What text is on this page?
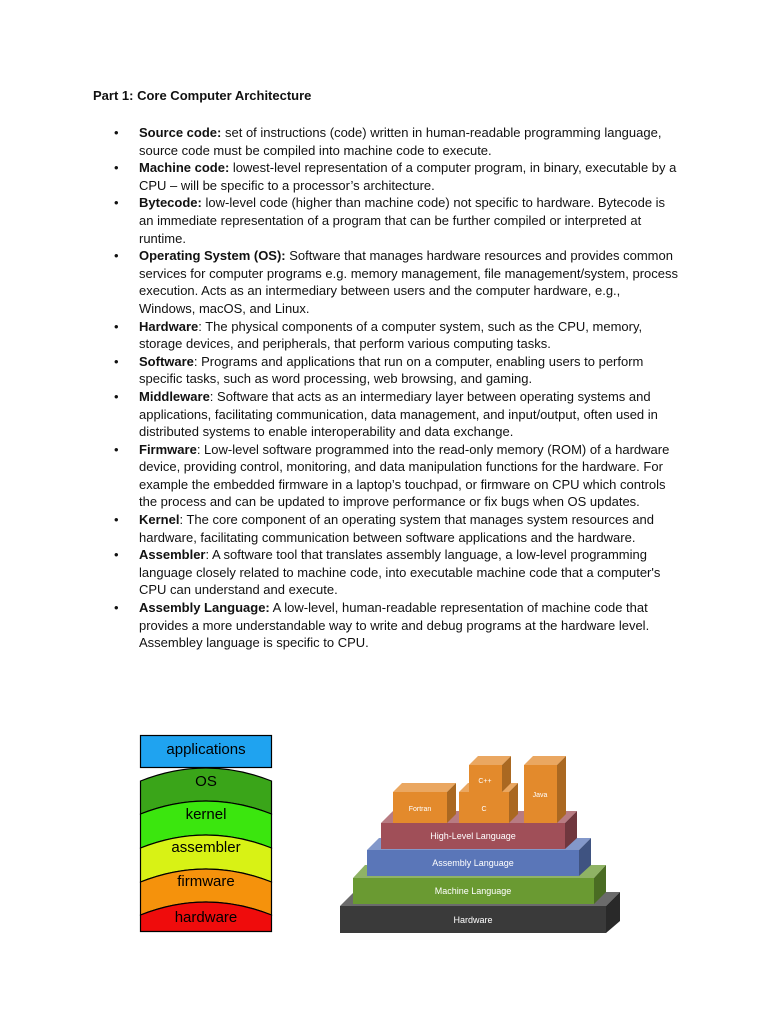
Part 1: Core Computer Architecture
• Source code: set of instructions (code) written in human-readable programming language, source code must be compiled into machine code to execute.
• Machine code: lowest-level representation of a computer program, in binary, executable by a CPU – will be specific to a processor’s architecture.
• Bytecode: low-level code (higher than machine code) not specific to hardware. Bytecode is an immediate representation of a program that can be further compiled or interpreted at runtime.
• Operating System (OS): Software that manages hardware resources and provides common services for computer programs e.g. memory management, file management/system, process execution. Acts as an intermediary between users and the computer hardware, e.g., Windows, macOS, and Linux.
• Hardware: The physical components of a computer system, such as the CPU, memory, storage devices, and peripherals, that perform various computing tasks.
• Software: Programs and applications that run on a computer, enabling users to perform specific tasks, such as word processing, web browsing, and gaming.
• Middleware: Software that acts as an intermediary layer between operating systems and applications, facilitating communication, data management, and input/output, often used in distributed systems to enable interoperability and data exchange.
• Firmware: Low-level software programmed into the read-only memory (ROM) of a hardware device, providing control, monitoring, and data manipulation functions for the hardware. For example the embedded firmware in a laptop’s touchpad, or firmware on CPU which controls the process and can be updated to improve performance or fix bugs when OS updates.
• Kernel: The core component of an operating system that manages system resources and hardware, facilitating communication between software applications and the hardware.
• Assembler: A software tool that translates assembly language, a low-level programming language closely related to machine code, into executable machine code that a computer's CPU can understand and execute.
• Assembly Language: A low-level, human-readable representation of machine code that provides a more understandable way to write and debug programs at the hardware level. Assembley language is specific to CPU.
applications
OS
kernel
assembler
firmware
hardware	Hardware
Machine Language
Assembly Language
High-Level Language
Fortran	C
C++
Java
